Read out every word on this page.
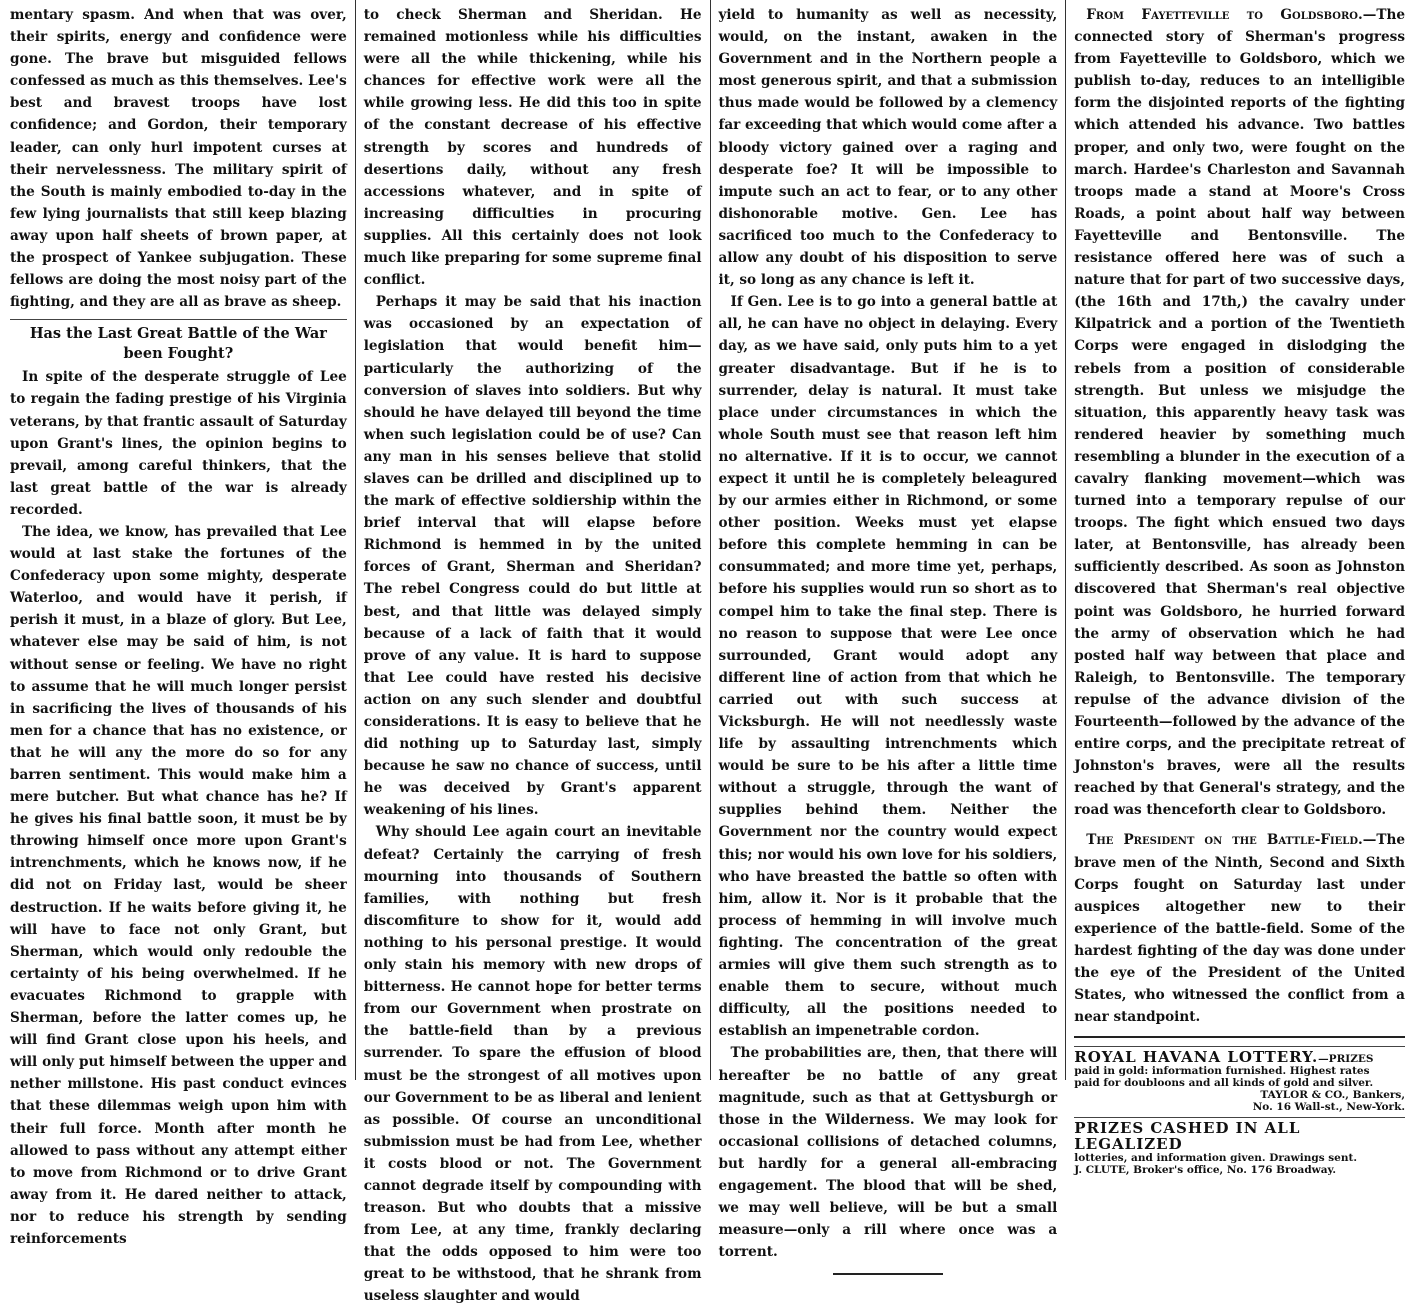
mentary spasm. And when that was over, their spirits, energy and confidence were gone. The brave but misguided fellows confessed as much as this themselves. Lee's best and bravest troops have lost confidence; and Gordon, their temporary leader, can only hurl impotent curses at their nervelessness. The military spirit of the South is mainly embodied to-day in the few lying journalists that still keep blazing away upon half sheets of brown paper, at the prospect of Yankee subjugation. These fellows are doing the most noisy part of the fighting, and they are all as brave as sheep.

Has the Last Great Battle of the War been Fought?

In spite of the desperate struggle of Lee to regain the fading prestige of his Virginia veterans, by that frantic assault of Saturday upon Grant's lines, the opinion begins to prevail, among careful thinkers, that the last great battle of the war is already recorded.

The idea, we know, has prevailed that Lee would at last stake the fortunes of the Confederacy upon some mighty, desperate Waterloo, and would have it perish, if perish it must, in a blaze of glory. But Lee, whatever else may be said of him, is not without sense or feeling. We have no right to assume that he will much longer persist in sacrificing the lives of thousands of his men for a chance that has no existence, or that he will any the more do so for any barren sentiment. This would make him a mere butcher. But what chance has he? If he gives his final battle soon, it must be by throwing himself once more upon Grant's intrenchments, which he knows now, if he did not on Friday last, would be sheer destruction. If he waits before giving it, he will have to face not only Grant, but Sherman, which would only redouble the certainty of his being overwhelmed. If he evacuates Richmond to grapple with Sherman, before the latter comes up, he will find Grant close upon his heels, and will only put himself between the upper and nether millstone. His past conduct evinces that these dilemmas weigh upon him with their full force. Month after month he allowed to pass without any attempt either to move from Richmond or to drive Grant away from it. He dared neither to attack, nor to reduce his strength by sending reinforcements

to check Sherman and Sheridan. He remained motionless while his difficulties were all the while thickening, while his chances for effective work were all the while growing less. He did this too in spite of the constant decrease of his effective strength by scores and hundreds of desertions daily, without any fresh accessions whatever, and in spite of increasing difficulties in procuring supplies. All this certainly does not look much like preparing for some supreme final conflict.

Perhaps it may be said that his inaction was occasioned by an expectation of legislation that would benefit him—particularly the authorizing of the conversion of slaves into soldiers. But why should he have delayed till beyond the time when such legislation could be of use? Can any man in his senses believe that stolid slaves can be drilled and disciplined up to the mark of effective soldiership within the brief interval that will elapse before Richmond is hemmed in by the united forces of Grant, Sherman and Sheridan? The rebel Congress could do but little at best, and that little was delayed simply because of a lack of faith that it would prove of any value. It is hard to suppose that Lee could have rested his decisive action on any such slender and doubtful considerations. It is easy to believe that he did nothing up to Saturday last, simply because he saw no chance of success, until he was deceived by Grant's apparent weakening of his lines.

Why should Lee again court an inevitable defeat? Certainly the carrying of fresh mourning into thousands of Southern families, with nothing but fresh discomfiture to show for it, would add nothing to his personal prestige. It would only stain his memory with new drops of bitterness. He cannot hope for better terms from our Government when prostrate on the battle-field than by a previous surrender. To spare the effusion of blood must be the strongest of all motives upon our Government to be as liberal and lenient as possible. Of course an unconditional submission must be had from Lee, whether it costs blood or not. The Government cannot degrade itself by compounding with treason. But who doubts that a missive from Lee, at any time, frankly declaring that the odds opposed to him were too great to be withstood, that he shrank from useless slaughter and would

yield to humanity as well as necessity, would, on the instant, awaken in the Government and in the Northern people a most generous spirit, and that a submission thus made would be followed by a clemency far exceeding that which would come after a bloody victory gained over a raging and desperate foe? It will be impossible to impute such an act to fear, or to any other dishonorable motive. Gen. Lee has sacrificed too much to the Confederacy to allow any doubt of his disposition to serve it, so long as any chance is left it.

If Gen. Lee is to go into a general battle at all, he can have no object in delaying. Every day, as we have said, only puts him to a yet greater disadvantage. But if he is to surrender, delay is natural. It must take place under circumstances in which the whole South must see that reason left him no alternative. If it is to occur, we cannot expect it until he is completely beleagured by our armies either in Richmond, or some other position. Weeks must yet elapse before this complete hemming in can be consummated; and more time yet, perhaps, before his supplies would run so short as to compel him to take the final step. There is no reason to suppose that were Lee once surrounded, Grant would adopt any different line of action from that which he carried out with such success at Vicksburgh. He will not needlessly waste life by assaulting intrenchments which would be sure to be his after a little time without a struggle, through the want of supplies behind them. Neither the Government nor the country would expect this; nor would his own love for his soldiers, who have breasted the battle so often with him, allow it. Nor is it probable that the process of hemming in will involve much fighting. The concentration of the great armies will give them such strength as to enable them to secure, without much difficulty, all the positions needed to establish an impenetrable cordon.

The probabilities are, then, that there will hereafter be no battle of any great magnitude, such as that at Gettysburgh or those in the Wilderness. We may look for occasional collisions of detached columns, but hardly for a general all-embracing engagement. The blood that will be shed, we may well believe, will be but a small measure—only a rill where once was a torrent.

From Fayetteville to Goldsboro.—The connected story of Sherman's progress from Fayetteville to Goldsboro, which we publish to-day, reduces to an intelligible form the disjointed reports of the fighting which attended his advance. Two battles proper, and only two, were fought on the march. Hardee's Charleston and Savannah troops made a stand at Moore's Cross Roads, a point about half way between Fayetteville and Bentonsville. The resistance offered here was of such a nature that for part of two successive days, (the 16th and 17th,) the cavalry under Kilpatrick and a portion of the Twentieth Corps were engaged in dislodging the rebels from a position of considerable strength. But unless we misjudge the situation, this apparently heavy task was rendered heavier by something much resembling a blunder in the execution of a cavalry flanking movement—which was turned into a temporary repulse of our troops. The fight which ensued two days later, at Bentonsville, has already been sufficiently described. As soon as Johnston discovered that Sherman's real objective point was Goldsboro, he hurried forward the army of observation which he had posted half way between that place and Raleigh, to Bentonsville. The temporary repulse of the advance division of the Fourteenth—followed by the advance of the entire corps, and the precipitate retreat of Johnston's braves, were all the results reached by that General's strategy, and the road was thenceforth clear to Goldsboro.

The President on the Battle-Field.—The brave men of the Ninth, Second and Sixth Corps fought on Saturday last under auspices altogether new to their experience of the battle-field. Some of the hardest fighting of the day was done under the eye of the President of the United States, who witnessed the conflict from a near standpoint.

ROYAL HAVANA LOTTERY.—PRIZES
paid in gold: information furnished. Highest rates
paid for doubloons and all kinds of gold and silver.
TAYLOR & CO., Bankers,
No. 16 Wall-st., New-York.
PRIZES CASHED IN ALL LEGALIZED
lotteries, and information given. Drawings sent.
J. CLUTE, Broker's office, No. 176 Broadway.
